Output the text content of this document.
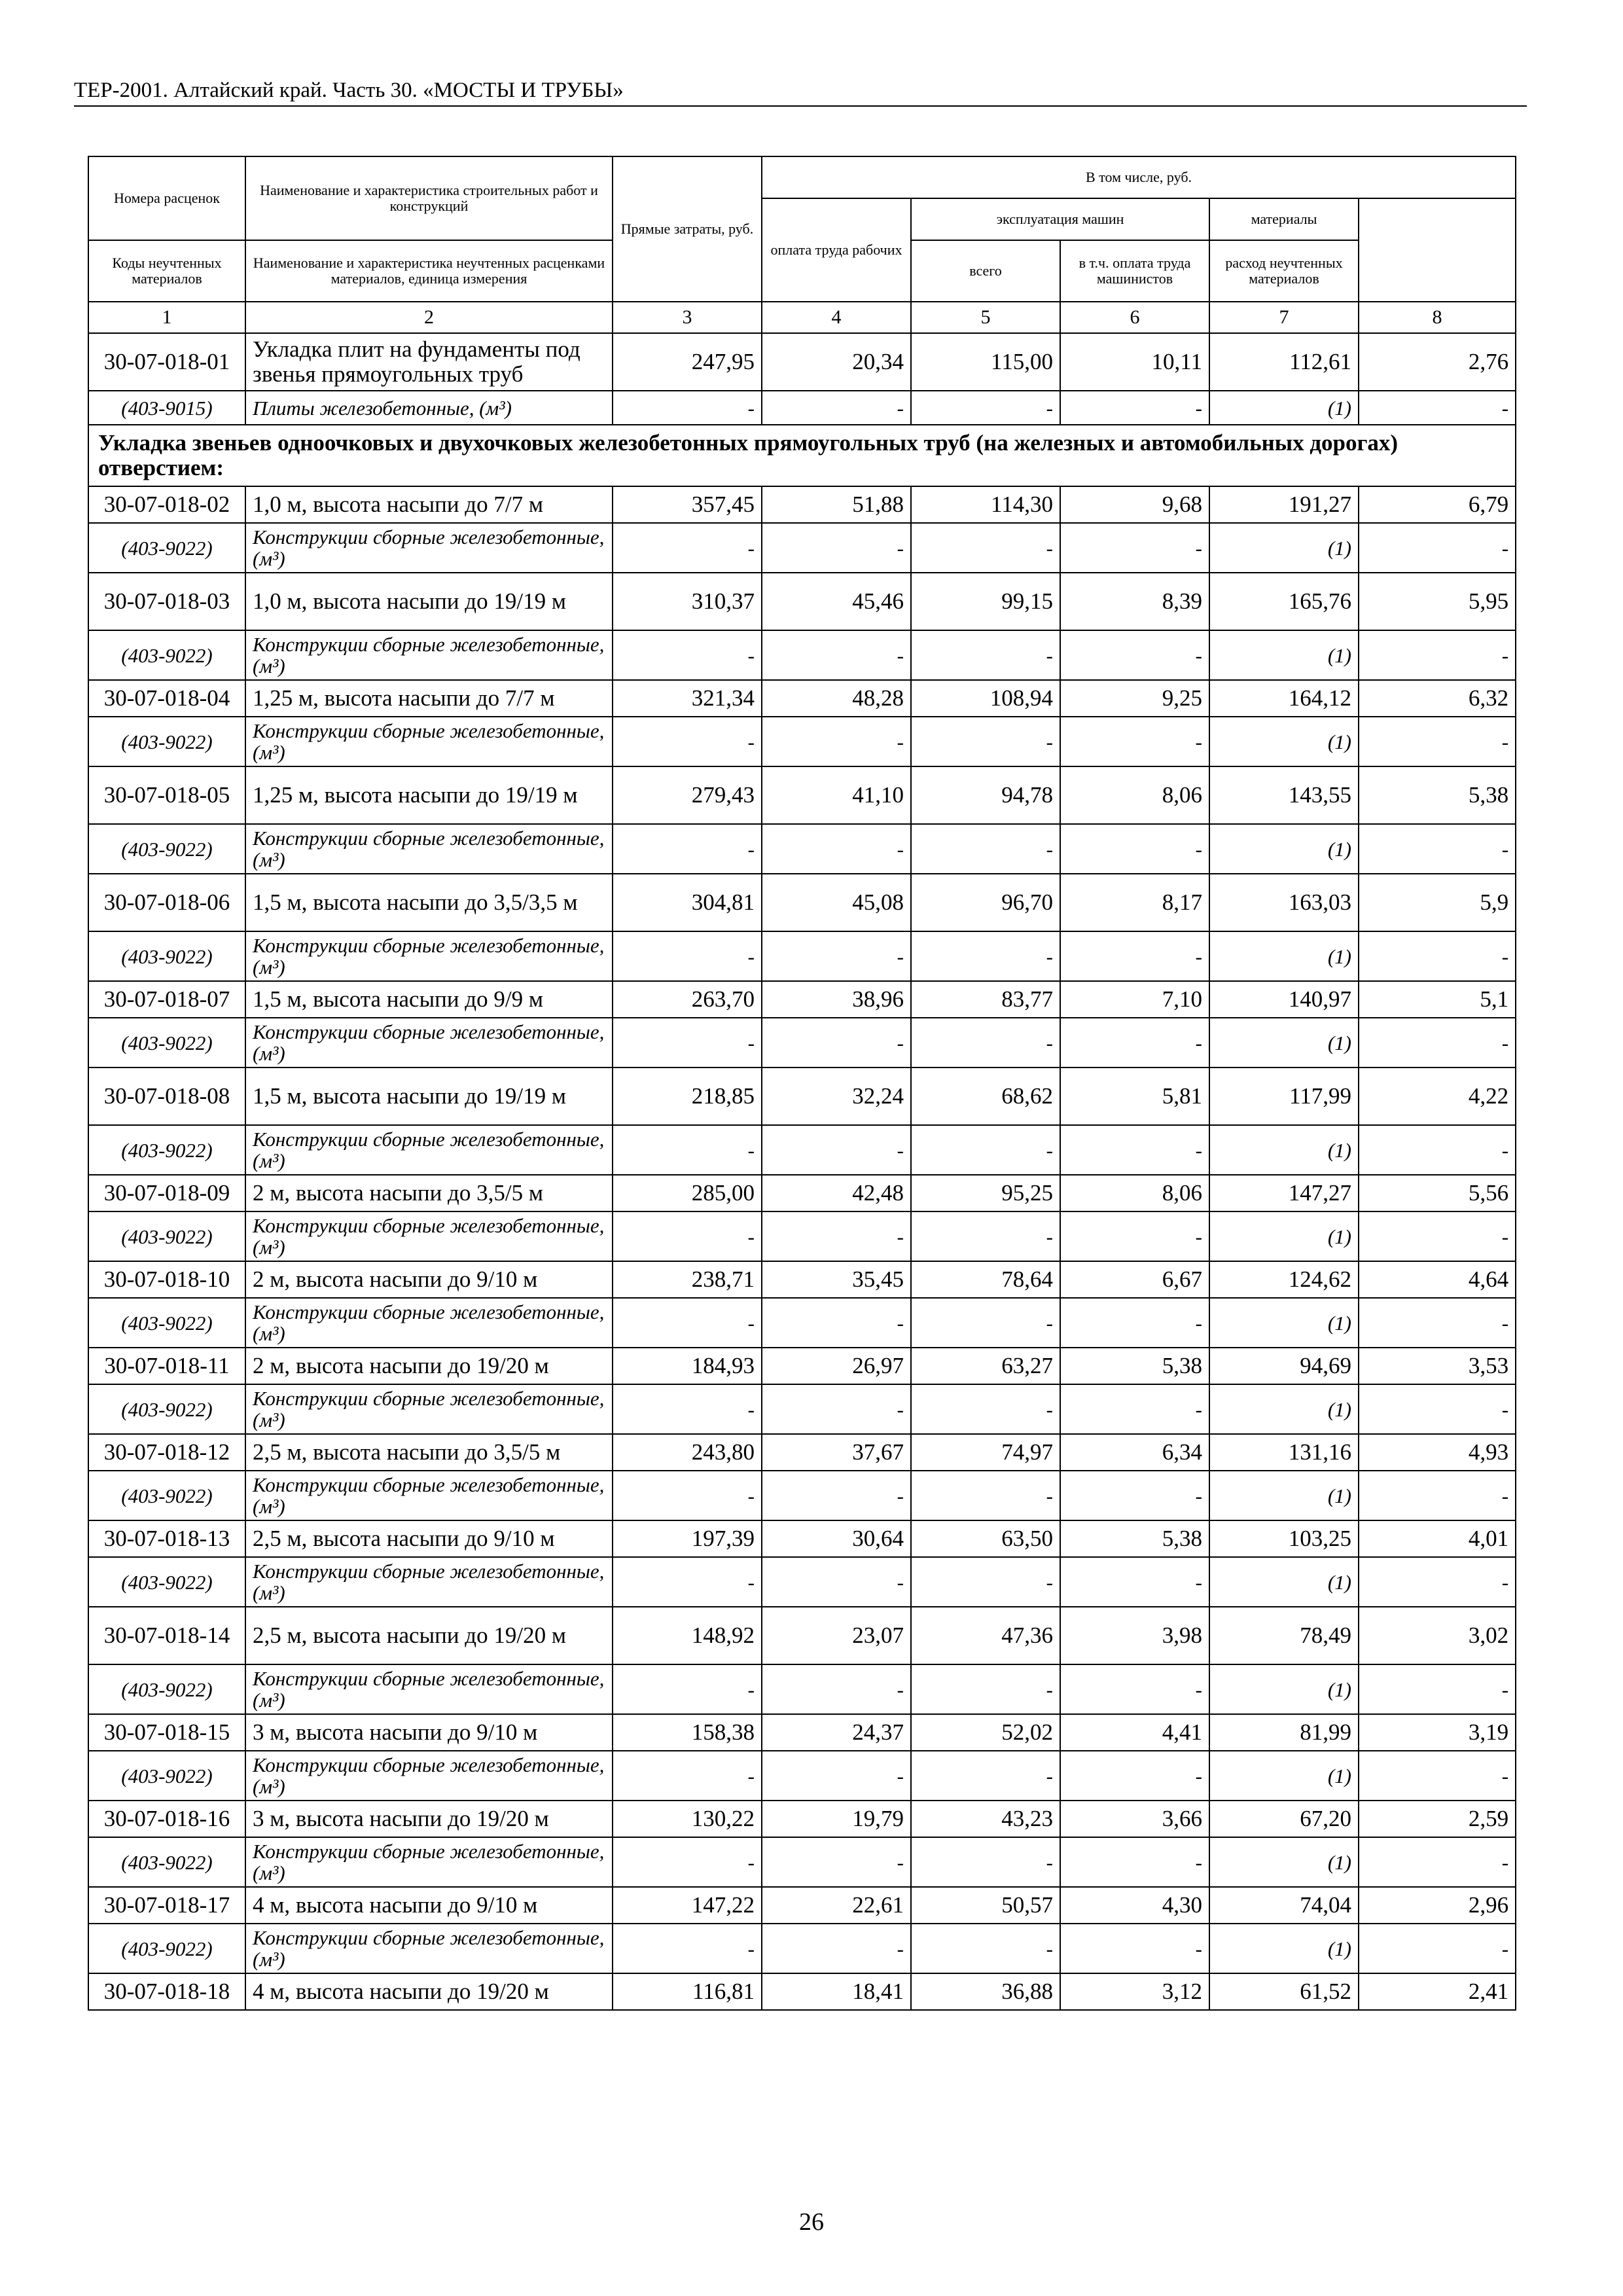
ТЕР-2001. Алтайский край. Часть 30. «МОСТЫ И ТРУБЫ»
Номера расценок	Наименование и характеристика строительных работ и конструкций	Прямые затраты, руб.	В том числе, руб.	
			оплата труда рабочих	эксплуатация машин		материалы		
Коды неучтенных материалов	Наименование и характеристика неучтенных расценками материалов, единица измерения			всего	в т.ч. оплата труда машинистов	расход неучтенных материалов		
1	2	3	4	5	6	7	8	
30-07-018-01	Укладка плит на фундаменты под звенья прямоугольных труб	247,95	20,34	115,00	10,11	112,61	2,76	
(403-9015)	Плиты железобетонные, (м³)	-	-	-	-	(1)	-	
Укладка звеньев одноочковых и двухочковых железобетонных прямоугольных труб (на железных и автомобильных дорогах) отверстием:								
30-07-018-02	1,0 м, высота насыпи до 7/7 м	357,45	51,88	114,30	9,68	191,27	6,79	
(403-9022)	Конструкции сборные железобетонные, (м³)	-	-	-	-	(1)	-	
30-07-018-03	1,0 м, высота насыпи до 19/19 м	310,37	45,46	99,15	8,39	165,76	5,95	
(403-9022)	Конструкции сборные железобетонные, (м³)	-	-	-	-	(1)	-	
30-07-018-04	1,25 м, высота насыпи до 7/7 м	321,34	48,28	108,94	9,25	164,12	6,32	
(403-9022)	Конструкции сборные железобетонные, (м³)	-	-	-	-	(1)	-	
30-07-018-05	1,25 м, высота насыпи до 19/19 м	279,43	41,10	94,78	8,06	143,55	5,38	
(403-9022)	Конструкции сборные железобетонные, (м³)	-	-	-	-	(1)	-	
30-07-018-06	1,5 м, высота насыпи до 3,5/3,5 м	304,81	45,08	96,70	8,17	163,03	5,9	
(403-9022)	Конструкции сборные железобетонные, (м³)	-	-	-	-	(1)	-	
30-07-018-07	1,5 м, высота насыпи до 9/9 м	263,70	38,96	83,77	7,10	140,97	5,1	
(403-9022)	Конструкции сборные железобетонные, (м³)	-	-	-	-	(1)	-	
30-07-018-08	1,5 м, высота насыпи до 19/19 м	218,85	32,24	68,62	5,81	117,99	4,22	
(403-9022)	Конструкции сборные железобетонные, (м³)	-	-	-	-	(1)	-	
30-07-018-09	2 м, высота насыпи до 3,5/5 м	285,00	42,48	95,25	8,06	147,27	5,56	
(403-9022)	Конструкции сборные железобетонные, (м³)	-	-	-	-	(1)	-	
30-07-018-10	2 м, высота насыпи до 9/10 м	238,71	35,45	78,64	6,67	124,62	4,64	
(403-9022)	Конструкции сборные железобетонные, (м³)	-	-	-	-	(1)	-	
30-07-018-11	2 м, высота насыпи до 19/20 м	184,93	26,97	63,27	5,38	94,69	3,53	
(403-9022)	Конструкции сборные железобетонные, (м³)	-	-	-	-	(1)	-	
30-07-018-12	2,5 м, высота насыпи до 3,5/5 м	243,80	37,67	74,97	6,34	131,16	4,93	
(403-9022)	Конструкции сборные железобетонные, (м³)	-	-	-	-	(1)	-	
30-07-018-13	2,5 м, высота насыпи до 9/10 м	197,39	30,64	63,50	5,38	103,25	4,01	
(403-9022)	Конструкции сборные железобетонные, (м³)	-	-	-	-	(1)	-	
30-07-018-14	2,5 м, высота насыпи до 19/20 м	148,92	23,07	47,36	3,98	78,49	3,02	
(403-9022)	Конструкции сборные железобетонные, (м³)	-	-	-	-	(1)	-	
30-07-018-15	3 м, высота насыпи до 9/10 м	158,38	24,37	52,02	4,41	81,99	3,19	
(403-9022)	Конструкции сборные железобетонные, (м³)	-	-	-	-	(1)	-	
30-07-018-16	3 м, высота насыпи до 19/20 м	130,22	19,79	43,23	3,66	67,20	2,59	
(403-9022)	Конструкции сборные железобетонные, (м³)	-	-	-	-	(1)	-	
30-07-018-17	4 м, высота насыпи до 9/10 м	147,22	22,61	50,57	4,30	74,04	2,96	
(403-9022)	Конструкции сборные железобетонные, (м³)	-	-	-	-	(1)	-	
30-07-018-18	4 м, высота насыпи до 19/20 м	116,81	18,41	36,88	3,12	61,52	2,41	
26
